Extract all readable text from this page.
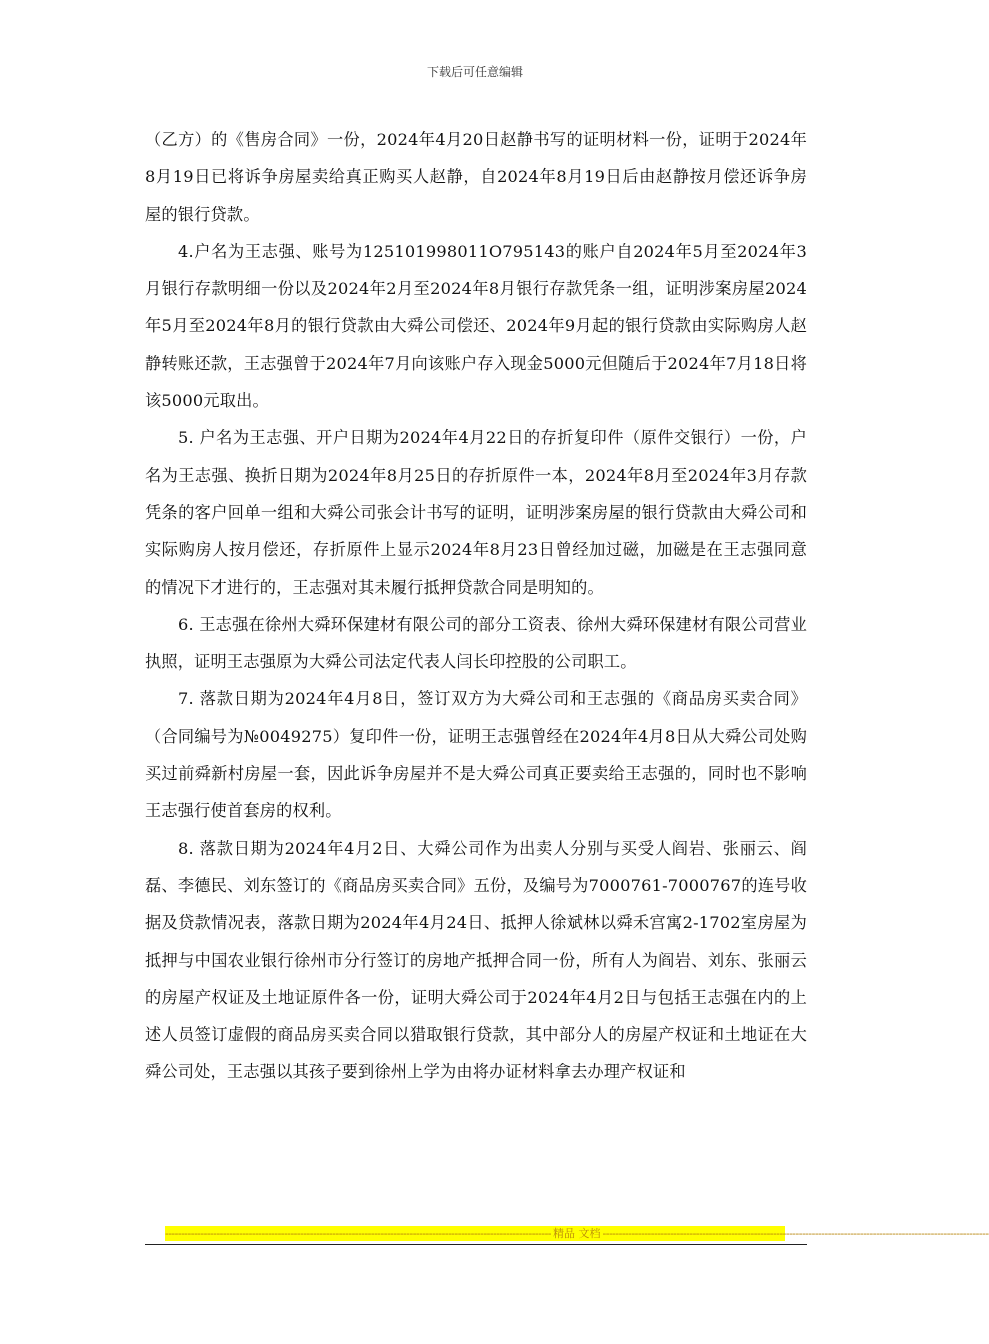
下载后可任意编辑

（乙方）的《售房合同》一份，2024年4月20日赵静书写的证明材料一份，证明于2024年8月19日已将诉争房屋卖给真正购买人赵静，自2024年8月19日后由赵静按月偿还诉争房屋的银行贷款。

4.户名为王志强、账号为125101998011O795143的账户自2024年5月至2024年3月银行存款明细一份以及2024年2月至2024年8月银行存款凭条一组，证明涉案房屋2024年5月至2024年8月的银行贷款由大舜公司偿还、2024年9月起的银行贷款由实际购房人赵静转账还款，王志强曾于2024年7月向该账户存入现金5000元但随后于2024年7月18日将该5000元取出。

5. 户名为王志强、开户日期为2024年4月22日的存折复印件（原件交银行）一份，户名为王志强、换折日期为2024年8月25日的存折原件一本，2024年8月至2024年3月存款凭条的客户回单一组和大舜公司张会计书写的证明，证明涉案房屋的银行贷款由大舜公司和实际购房人按月偿还，存折原件上显示2024年8月23日曾经加过磁，加磁是在王志强同意的情况下才进行的，王志强对其未履行抵押贷款合同是明知的。

6. 王志强在徐州大舜环保建材有限公司的部分工资表、徐州大舜环保建材有限公司营业执照，证明王志强原为大舜公司法定代表人闫长印控股的公司职工。

7. 落款日期为2024年4月8日，签订双方为大舜公司和王志强的《商品房买卖合同》（合同编号为№0049275）复印件一份，证明王志强曾经在2024年4月8日从大舜公司处购买过前舜新村房屋一套，因此诉争房屋并不是大舜公司真正要卖给王志强的，同时也不影响王志强行使首套房的权利。

8. 落款日期为2024年4月2日、大舜公司作为出卖人分别与买受人阎岩、张丽云、阎磊、李德民、刘东签订的《商品房买卖合同》五份，及编号为7000761-7000767的连号收据及贷款情况表，落款日期为2024年4月24日、抵押人徐斌林以舜禾宫寓2-1702室房屋为抵押与中国农业银行徐州市分行签订的房地产抵押合同一份，所有人为阎岩、刘东、张丽云的房屋产权证及土地证原件各一份，证明大舜公司于2024年4月2日与包括王志强在内的上述人员签订虚假的商品房买卖合同以猎取银行贷款，其中部分人的房屋产权证和土地证在大舜公司处，王志强以其孩子要到徐州上学为由将办证材料拿去办理产权证和

------------------------------------------------------------------------------------------------------------------------ 精品 文档 ------------------------------------------------------------------------------------------------------------------------
